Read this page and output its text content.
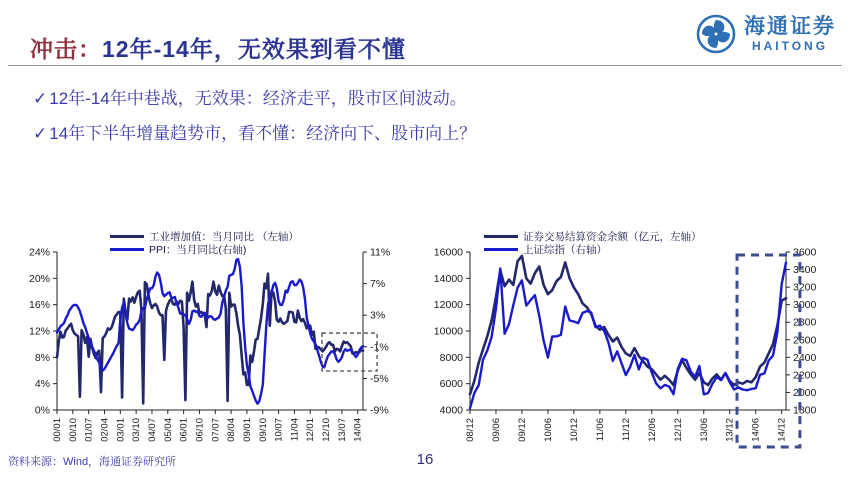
冲击：12年-14年，无效果到看不懂
海通证券
HAITONG
✓ 12年-14年中巷战，无效果：经济走平，股市区间波动。
✓ 14年下半年增量趋势市，看不懂：经济向下、股市向上？
工业增加值：当月同比 （左轴）
PPI：当月同比(右轴)
0%
4%
8%
12%
16%
20%
24%
-9%
-5%
-1%
3%
7%
11%
00/01 00/10 01/07 02/04 03/01 03/10 04/07 05/04 06/01 06/10 07/07 08/04 09/01 09/10 10/07 11/04 12/01 12/10 13/07 14/04
证券交易结算资金余额（亿元，左轴）
上证综指（右轴）
4000
6000
8000
10000
12000
14000
16000
1800
2000
2200
2400
2600
2800
3000
3200
3400
3600
08/12 09/06 09/12 10/06 10/12 11/06 11/12 12/06 12/12 13/06 13/12 14/06 14/12
资料来源：Wind，海通证券研究所	16
